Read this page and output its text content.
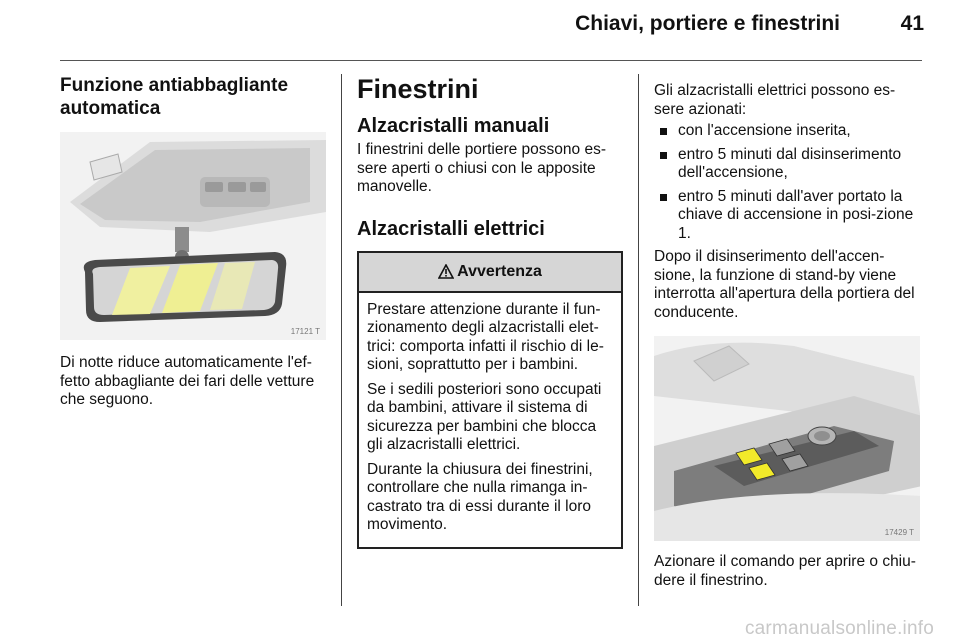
Chiavi, portiere e finestrini	41
Funzione antiabbagliante
automatica
17121 T

Di notte riduce automaticamente l'ef-fetto abbagliante dei fari delle vetture che seguono.

Finestrini
Alzacristalli manuali

I finestrini delle portiere possono es-sere aperti o chiusi con le apposite manovelle.

Alzacristalli elettrici
Avvertenza

Prestare attenzione durante il fun-zionamento degli alzacristalli elet-trici: comporta infatti il rischio di le-sioni, soprattutto per i bambini.

Se i sedili posteriori sono occupati da bambini, attivare il sistema di sicurezza per bambini che blocca gli alzacristalli elettrici.

Durante la chiusura dei finestrini, controllare che nulla rimanga in-castrato tra di essi durante il loro movimento.

Gli alzacristalli elettrici possono es-sere azionati:

con l'accensione inserita,
entro 5 minuti dal disinserimento dell'accensione,
entro 5 minuti dall'aver portato la chiave di accensione in posi-zione 1.

Dopo il disinserimento dell'accen-sione, la funzione di stand-by viene interrotta all'apertura della portiera del conducente.

17429 T

Azionare il comando per aprire o chiu-dere il finestrino.

carmanualsonline.info
